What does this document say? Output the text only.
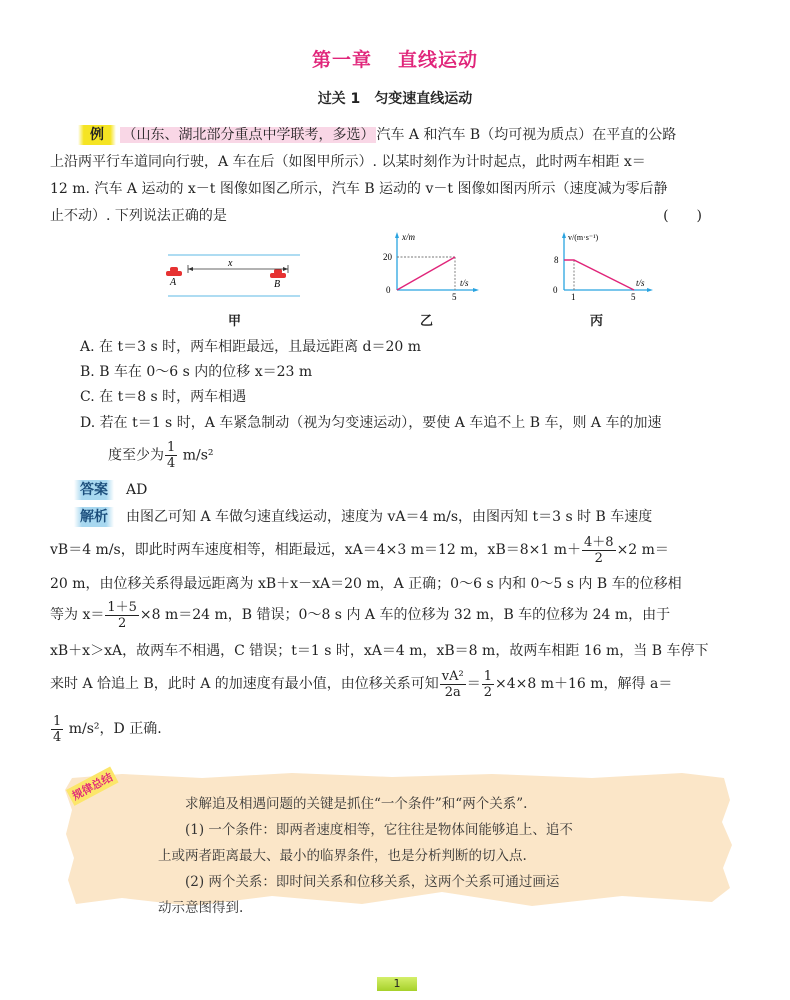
第一章 直线运动
过关 1 匀变速直线运动
例 （山东、湖北部分重点中学联考，多选） 汽车 A 和汽车 B（均可视为质点）在平直的公路
上沿两平行车道同向行驶，A 车在后（如图甲所示）. 以某时刻作为计时起点，此时两车相距 x＝
12 m. 汽车 A 运动的 x－t 图像如图乙所示，汽车 B 运动的 v－t 图像如图丙所示（速度减为零后静
止不动）. 下列说法正确的是	(　　)
x
A	B
甲
x/m
20
0
t/s
5
乙
v/(m·s⁻¹)
8
0
t/s
1	5
丙
A. 在 t＝3 s 时，两车相距最远，且最远距离 d＝20 m
B. B 车在 0～6 s 内的位移 x＝23 m
C. 在 t＝8 s 时，两车相遇
D. 若在 t＝1 s 时，A 车紧急制动（视为匀变速运动），要使 A 车追不上 B 车，则 A 车的加速
度至少为 $\frac{1}{4} m/s^2$
答案 AD
解析 由图乙可知 A 车做匀速直线运动，速度为 vA＝4 m/s，由图丙知 t＝3 s 时 B 车速度
vB＝4 m/s，即此时两车速度相等，相距最远，xA＝4×3 m＝12 m，xB＝8×1 $m+ \frac{4+8}{2} \times 2$ m＝
20 m，由位移关系得最远距离为 xB＋x－xA＝20 m，A 正确；0～6 s 内和 0～5 s 内 B 车的位移相
等为 $x= \frac{1+5}{2} \times 8$ m＝24 m，B 错误；0～8 s 内 A 车的位移为 32 m，B 车的位移为 24 m，由于
xB＋x＞xA，故两车不相遇，C 错误；t＝1 s 时，xA＝4 m，xB＝8 m，故两车相距 16 m，当 B 车停下
来时 A 恰追上 B，此时 A 的加速度有最小值，由位移关系可知 $\frac{\text{vA²}}{2a} = \frac{1}{2} \times 4\times 8$ m＋16 m，解得 a＝
$\frac{1}{4} m/s^2$，D 正确.
规律总结
求解追及相遇问题的关键是抓住“一个条件”和“两个关系”.
(1) 一个条件：即两者速度相等，它往往是物体间能够追上、追不
上或两者距离最大、最小的临界条件，也是分析判断的切入点.
(2) 两个关系：即时间关系和位移关系，这两个关系可通过画运
动示意图得到.
1
